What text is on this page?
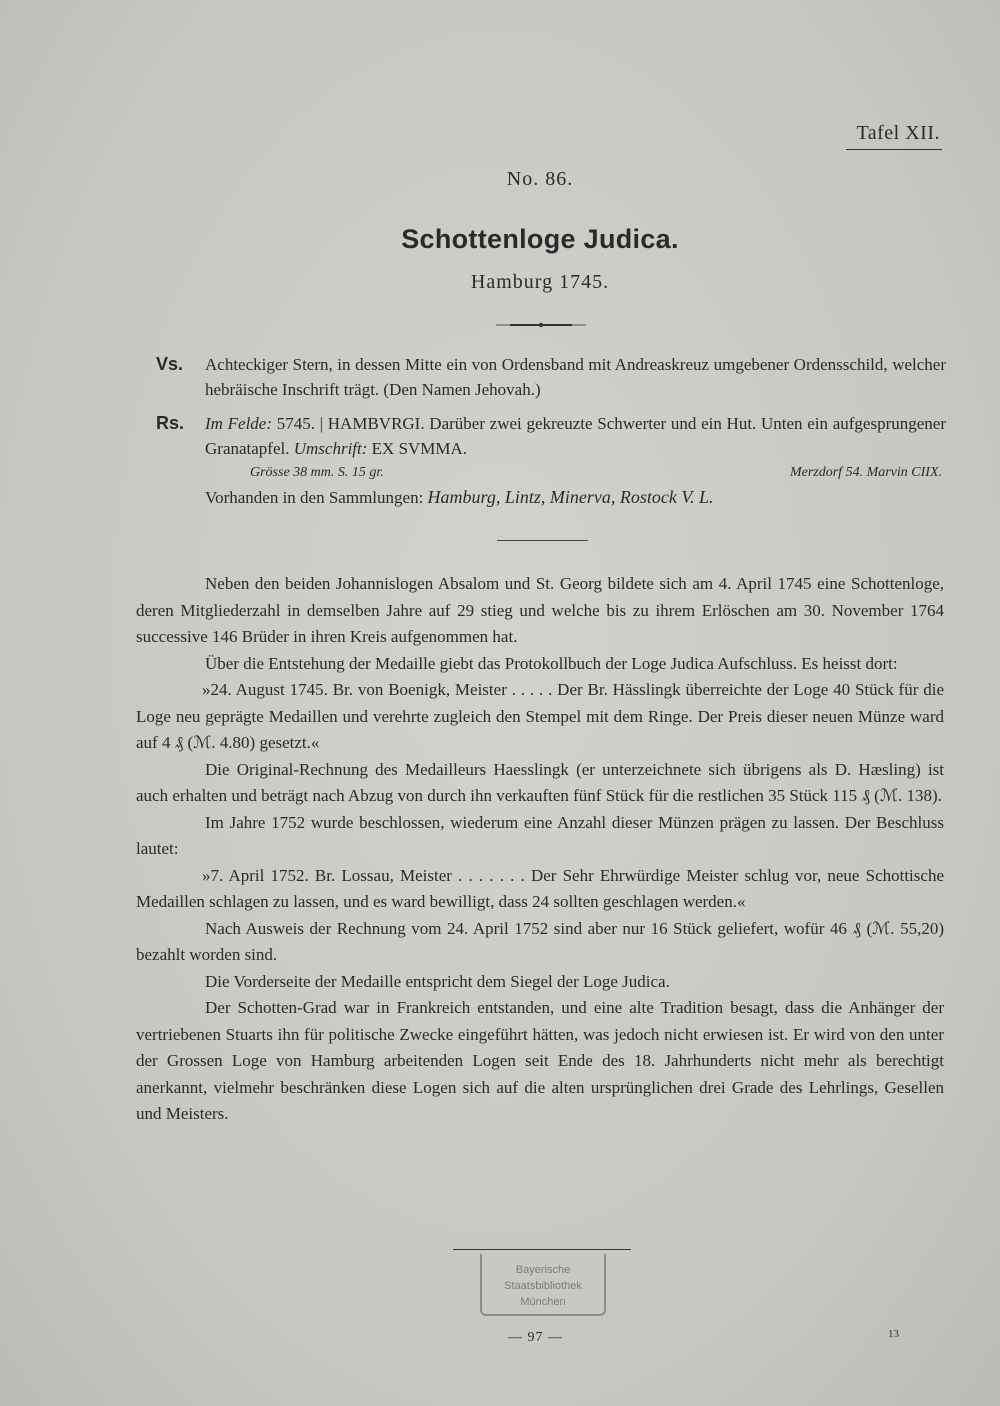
Tafel XII.
No. 86.
Schottenloge Judica.
Hamburg 1745.
Vs. Achteckiger Stern, in dessen Mitte ein von Ordensband mit Andreaskreuz umgebener Ordensschild, welcher hebräische Inschrift trägt. (Den Namen Jehovah.)
Rs. Im Felde: 5745. | HAMBVRGI. Darüber zwei gekreuzte Schwerter und ein Hut. Unten ein aufgesprungener Granatapfel. Umschrift: EX SVMMA.
Grösse 38 mm. S. 15 gr.	Merzdorf 54. Marvin CIIX.
Vorhanden in den Sammlungen: Hamburg, Lintz, Minerva, Rostock V. L.

Neben den beiden Johannislogen Absalom und St. Georg bildete sich am 4. April 1745 eine Schottenloge, deren Mitgliederzahl in demselben Jahre auf 29 stieg und welche bis zu ihrem Erlöschen am 30. November 1764 successive 146 Brüder in ihren Kreis aufgenommen hat.

Über die Entstehung der Medaille giebt das Protokollbuch der Loge Judica Aufschluss. Es heisst dort:

»24. August 1745. Br. von Boenigk, Meister . . . . . Der Br. Hässlingk überreichte der Loge 40 Stück für die Loge neu geprägte Medaillen und verehrte zugleich den Stempel mit dem Ringe. Der Preis dieser neuen Münze ward auf 4 ₰ (ℳ. 4.80) gesetzt.«

Die Original-Rechnung des Medailleurs Haesslingk (er unterzeichnete sich übrigens als D. Hæsling) ist auch erhalten und beträgt nach Abzug von durch ihn verkauften fünf Stück für die restlichen 35 Stück 115 ₰ (ℳ. 138).

Im Jahre 1752 wurde beschlossen, wiederum eine Anzahl dieser Münzen prägen zu lassen. Der Beschluss lautet:

»7. April 1752. Br. Lossau, Meister . . . . . . . Der Sehr Ehrwürdige Meister schlug vor, neue Schottische Medaillen schlagen zu lassen, und es ward bewilligt, dass 24 sollten geschlagen werden.«

Nach Ausweis der Rechnung vom 24. April 1752 sind aber nur 16 Stück geliefert, wofür 46 ₰ (ℳ. 55,20) bezahlt worden sind.

Die Vorderseite der Medaille entspricht dem Siegel der Loge Judica.

Der Schotten-Grad war in Frankreich entstanden, und eine alte Tradition besagt, dass die Anhänger der vertriebenen Stuarts ihn für politische Zwecke eingeführt hätten, was jedoch nicht erwiesen ist. Er wird von den unter der Grossen Loge von Hamburg arbeitenden Logen seit Ende des 18. Jahrhunderts nicht mehr als berechtigt anerkannt, vielmehr beschränken diese Logen sich auf die alten ursprünglichen drei Grade des Lehrlings, Gesellen und Meisters.

Bayerische
Staatsbibliothek
München
— 97 —	13
